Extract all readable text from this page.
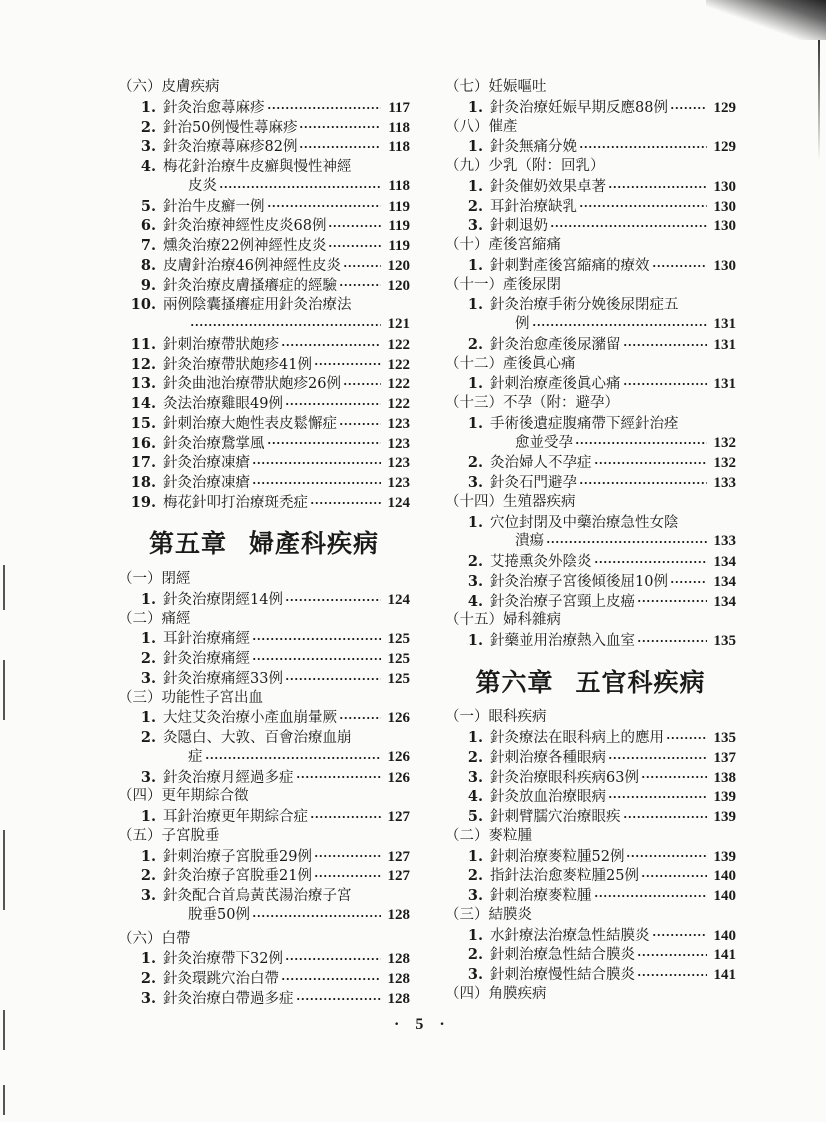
（六）皮膚疾病
1. 針灸治愈蕁麻疹	117
2. 針治50例慢性蕁麻疹	118
3. 針灸治療蕁麻疹82例	118
4. 梅花針治療牛皮癬與慢性神經
皮炎	118
5. 針治牛皮癬一例	119
6. 針灸治療神經性皮炎68例	119
7. 燻灸治療22例神經性皮炎	119
8. 皮膚針治療46例神經性皮炎	120
9. 針灸治療皮膚搔癢症的經驗	120
10. 兩例陰囊搔癢症用針灸治療法
121
11. 針刺治療帶狀皰疹	122
12. 針灸治療帶狀皰疹41例	122
13. 針灸曲池治療帶狀皰疹26例	122
14. 灸法治療雞眼49例	122
15. 針刺治療大皰性表皮鬆懈症	123
16. 針灸治療鵞掌風	123
17. 針灸治療凍瘡	123
18. 針灸治療凍瘡	123
19. 梅花針叩打治療斑禿症	124
第五章 婦產科疾病
（一）閉經
1. 針灸治療閉經14例	124
（二）痛經
1. 耳針治療痛經	125
2. 針灸治療痛經	125
3. 針灸治療痛經33例	125
（三）功能性子宮出血
1. 大炷艾灸治療小產血崩暈厥	126
2. 灸隱白、大敦、百會治療血崩
症	126
3. 針灸治療月經過多症	126
（四）更年期綜合徵
1. 耳針治療更年期綜合症	127
（五）子宮脫垂
1. 針刺治療子宮脫垂29例	127
2. 針灸治療子宮脫垂21例	127
3. 針灸配合首烏黃芪湯治療子宮
脫垂50例	128
（六）白帶
1. 針灸治療帶下32例	128
2. 針灸環跳穴治白帶	128
3. 針灸治療白帶過多症	128
（七）妊娠嘔吐
1. 針灸治療妊娠早期反應88例	129
（八）催產
1. 針灸無痛分娩	129
（九）少乳（附：回乳）
1. 針灸催奶效果卓著	130
2. 耳針治療缺乳	130
3. 針刺退奶	130
（十）產後宮縮痛
1. 針刺對產後宮縮痛的療效	130
（十一）產後尿閉
1. 針灸治療手術分娩後尿閉症五
例	131
2. 針灸治愈產後尿瀦留	131
（十二）產後眞心痛
1. 針刺治療產後眞心痛	131
（十三）不孕（附：避孕）
1. 手術後遺症腹痛帶下經針治痊
愈並受孕	132
2. 灸治婦人不孕症	132
3. 針灸石門避孕	133
（十四）生殖器疾病
1. 穴位封閉及中藥治療急性女陰
潰瘍	133
2. 艾捲熏灸外陰炎	134
3. 針灸治療子宮後傾後屈10例	134
4. 針灸治療子宮頸上皮癌	134
（十五）婦科雜病
1. 針藥並用治療熱入血室	135
第六章 五官科疾病
（一）眼科疾病
1. 針灸療法在眼科病上的應用	135
2. 針刺治療各種眼病	137
3. 針灸治療眼科疾病63例	138
4. 針灸放血治療眼病	139
5. 針刺臂臑穴治療眼疾	139
（二）麥粒腫
1. 針刺治療麥粒腫52例	139
2. 指針法治愈麥粒腫25例	140
3. 針刺治療麥粒腫	140
（三）結膜炎
1. 水針療法治療急性結膜炎	140
2. 針刺治療急性結合膜炎	141
3. 針刺治療慢性結合膜炎	141
（四）角膜疾病
· 5 ·
